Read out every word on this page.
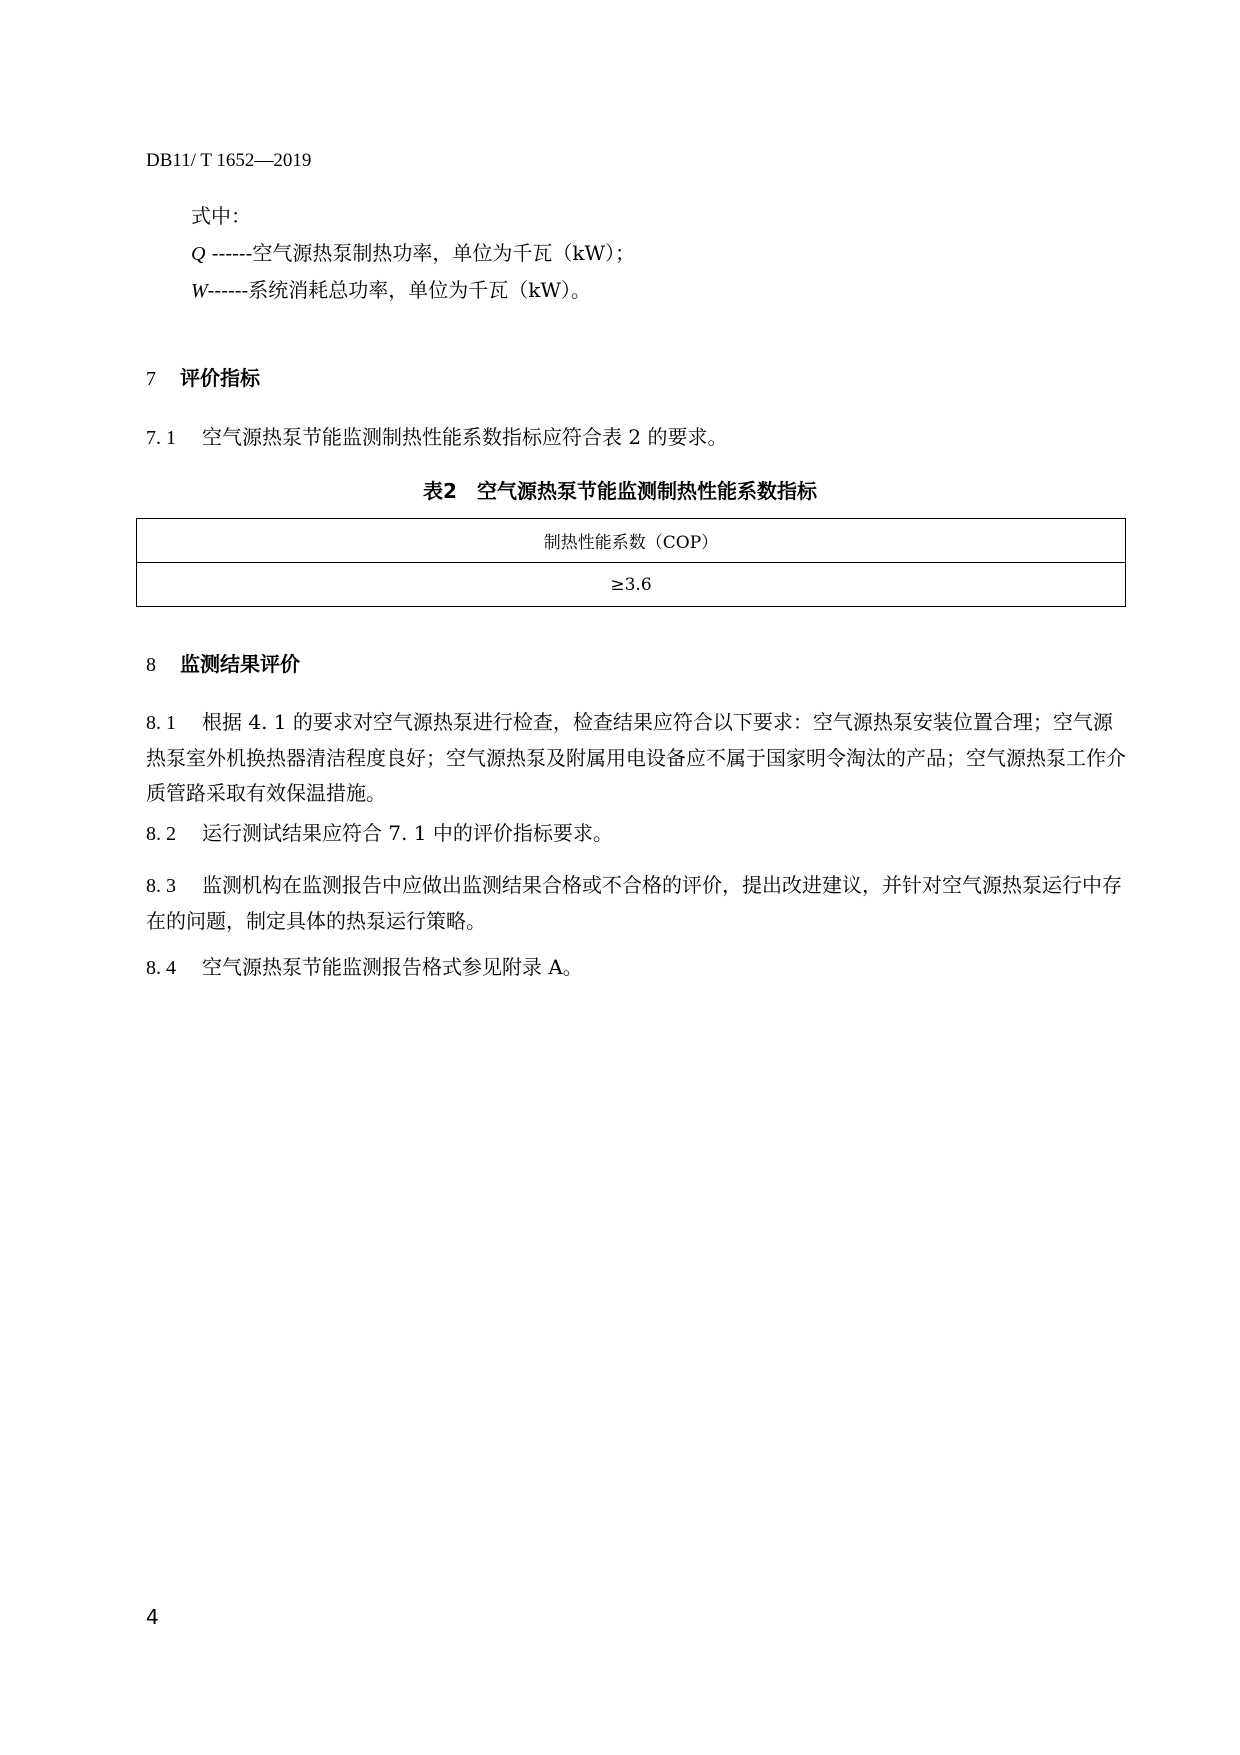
DB11/ T 1652—2019
式中：
Q ------空气源热泵制热功率，单位为千瓦（kW）；
W------系统消耗总功率，单位为千瓦（kW）。
7 评价指标
7. 1 空气源热泵节能监测制热性能系数指标应符合表 2 的要求。
表2　空气源热泵节能监测制热性能系数指标
制热性能系数（COP）
≥3.6
8 监测结果评价
8. 1 根据 4. 1 的要求对空气源热泵进行检查，检查结果应符合以下要求：空气源热泵安装位置合理；空气源热泵室外机换热器清洁程度良好；空气源热泵及附属用电设备应不属于国家明令淘汰的产品；空气源热泵工作介质管路采取有效保温措施。
8. 2 运行测试结果应符合 7. 1 中的评价指标要求。
8. 3 监测机构在监测报告中应做出监测结果合格或不合格的评价，提出改进建议，并针对空气源热泵运行中存在的问题，制定具体的热泵运行策略。
8. 4 空气源热泵节能监测报告格式参见附录 A。
4
